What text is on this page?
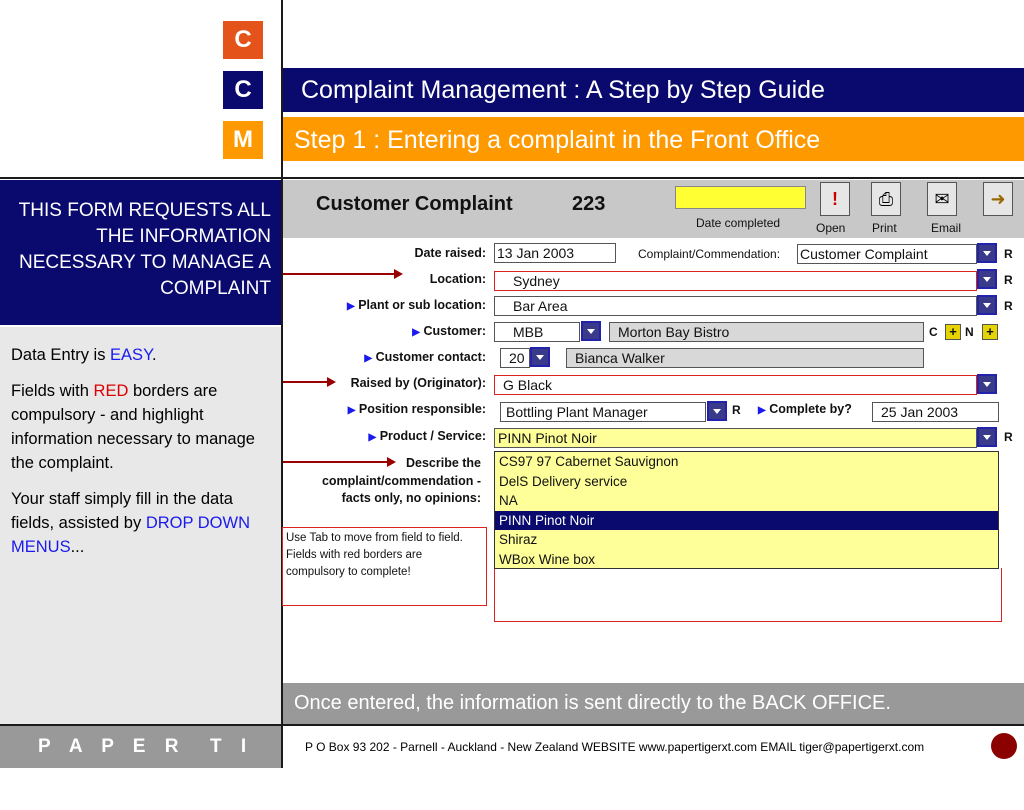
C
C
M
Complaint Management : A Step by Step Guide
Step 1 : Entering a complaint in the Front Office
THIS FORM REQUESTS ALL THE INFORMATION NECESSARY TO MANAGE A COMPLAINT

Data Entry is EASY.

Fields with RED borders are compulsory - and highlight information necessary to manage the complaint.

Your staff simply fill in the data fields, assisted by DROP DOWN MENUS...

Customer Complaint	223
Date completed
!
Open
⎙
Print
✉
Email
➜
Date raised: 13 Jan 2003	Complaint/Commendation: Customer Complaint	R
Location:	Sydney	R
▶ Plant or sub location:	Bar Area	R
▶ Customer:	MBB	Morton Bay Bistro	C + N +
▶ Customer contact:	20	Bianca Walker
Raised by (Originator):	G Black
▶ Position responsible:	Bottling Plant Manager	R ▶ Complete by?	25 Jan 2003
▶ Product / Service: PINN Pinot Noir	R
Describe the
complaint/commendation -
facts only, no opinions:
CS97 97 Cabernet Sauvignon
DelS Delivery service
NA
PINN Pinot Noir
Shiraz
WBox Wine box
Use Tab to move from field to field. Fields with red borders are compulsory to complete!
Once entered, the information is sent directly to the BACK OFFICE.
P A P E R  T I G E R
P O Box 93 202 - Parnell - Auckland - New Zealand WEBSITE www.papertigerxt.com EMAIL tiger@papertigerxt.com
